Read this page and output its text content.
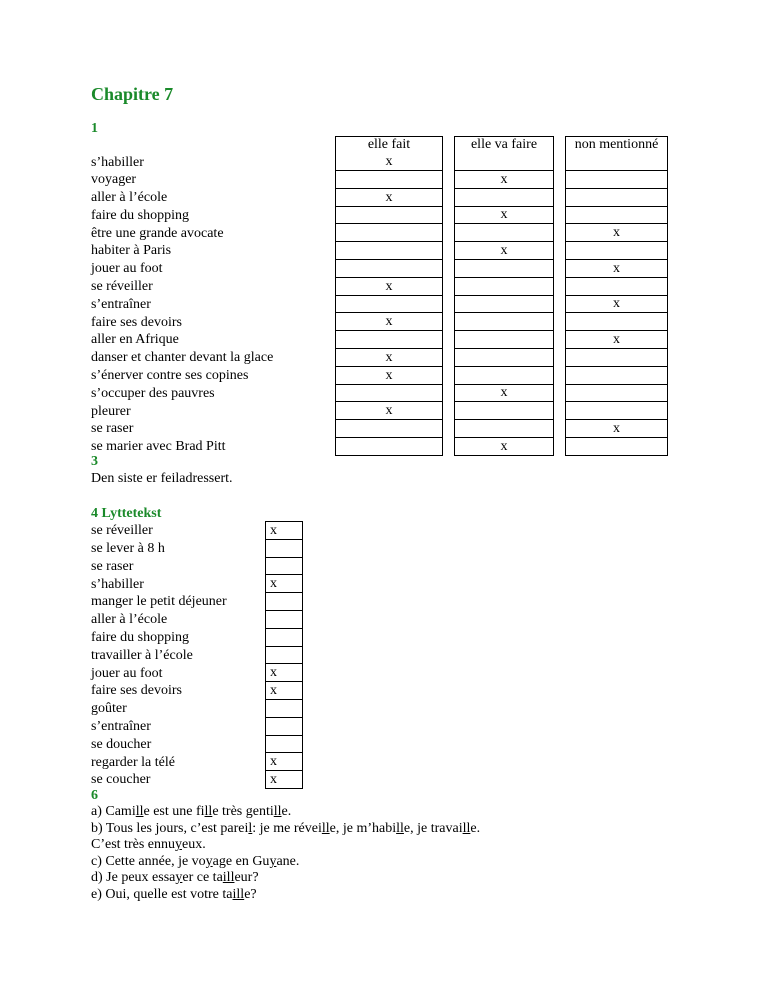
Chapitre 7
1
	elle fait		elle va faire		non mentionné
s’habiller	x				
voyager			x		
aller à l’école	x				
faire du shopping			x		
être une grande avocate					x
habiter à Paris			x		
jouer au foot					x
se réveiller	x				
s’entraîner					x
faire ses devoirs	x				
aller en Afrique					x
danser et chanter devant la glace	x				
s’énerver contre ses copines	x				
s’occuper des pauvres			x		
pleurer	x				
se raser					x
se marier avec Brad Pitt			x		
3
Den siste er feiladressert.
4 Lyttetekst
se réveiller	x
se lever à 8 h	
se raser	
s’habiller	x
manger le petit déjeuner	
aller à l’école	
faire du shopping	
travailler à l’école	
jouer au foot	x
faire ses devoirs	x
goûter	
s’entraîner	
se doucher	
regarder la télé	x
se coucher	x
6
a) Camille est une fille très gentille.
b) Tous les jours, c’est pareil: je me réveille, je m’habille, je travaille.
C’est très ennuyeux.
c) Cette année, je voyage en Guyane.
d) Je peux essayer ce tailleur?
e) Oui, quelle est votre taille?
